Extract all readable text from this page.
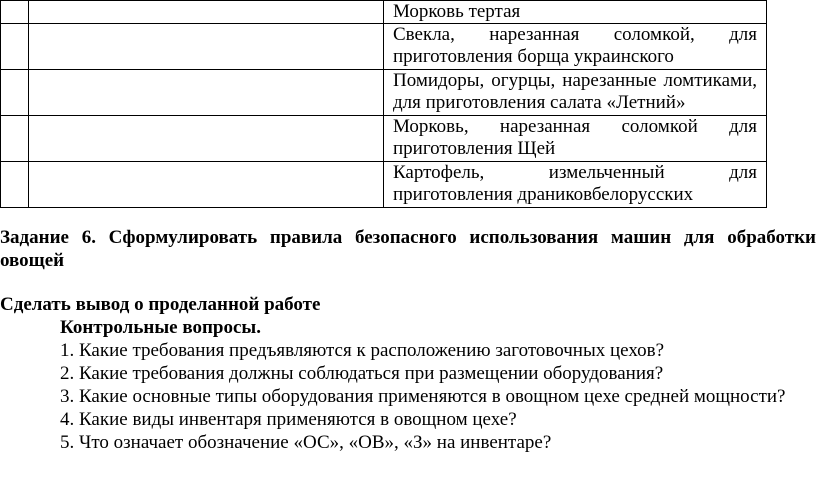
		Морковь тертая

		Свекла, нарезанная соломкой, для
приготовления борща украинского

		Помидоры, огурцы, нарезанные ломтиками,
для приготовления салата «Летний»

		Морковь, нарезанная соломкой для
приготовления Щей

		Картофель, измельченный для
приготовления драниковбелорусских
Задание 6. Сформулировать правила безопасного использования машин для обработки
овощей
Сделать вывод о проделанной работе
Контрольные вопросы.
1. Какие требования предъявляются к расположению заготовочных цехов?
2. Какие требования должны соблюдаться при размещении оборудования?
3. Какие основные типы оборудования применяются в овощном цехе средней мощности?
4. Какие виды инвентаря применяются в овощном цехе?
5. Что означает обозначение «ОС», «ОВ», «З» на инвентаре?
